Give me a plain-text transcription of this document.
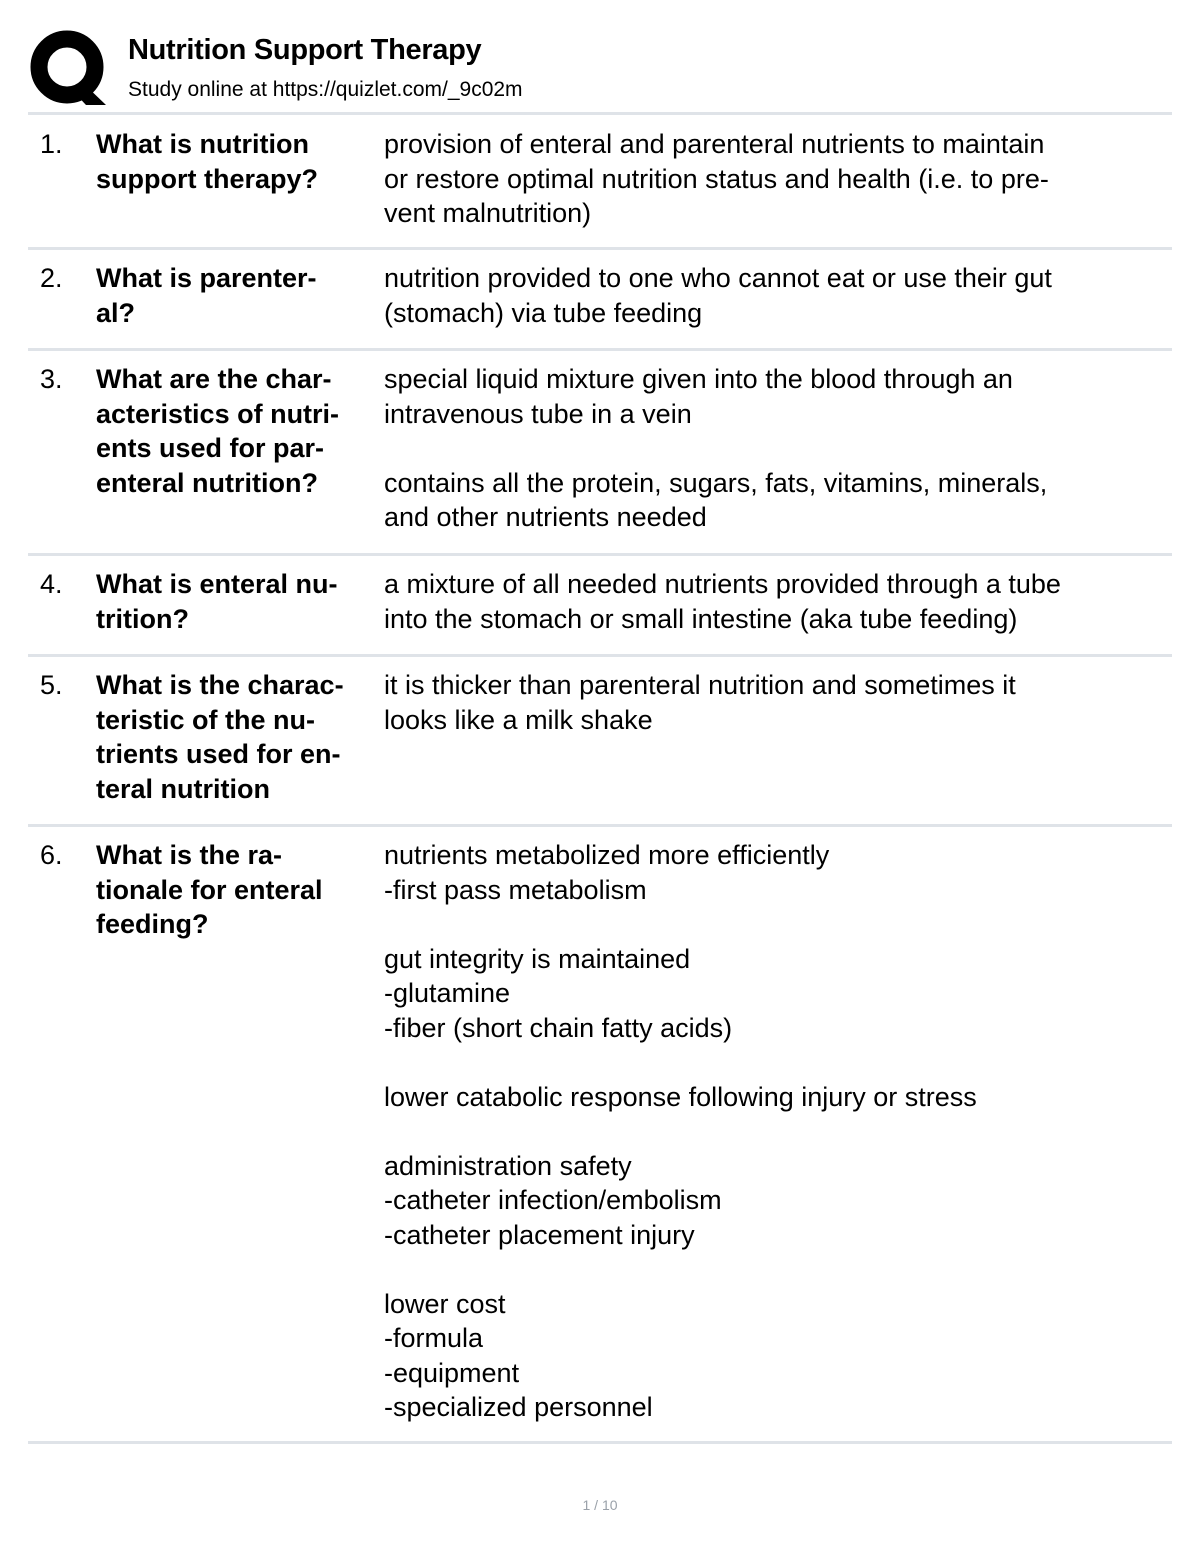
Nutrition Support Therapy
Study online at https://quizlet.com/_9c02m
1. What is nutrition
support therapy?
provision of enteral and parenteral nutrients to maintain
or restore optimal nutrition status and health (i.e. to pre-
vent malnutrition)
2. What is parenter-
al?
nutrition provided to one who cannot eat or use their gut
(stomach) via tube feeding
3. What are the char-
acteristics of nutri-
ents used for par-
enteral nutrition?
special liquid mixture given into the blood through an
intravenous tube in a vein
contains all the protein, sugars, fats, vitamins, minerals,
and other nutrients needed
4. What is enteral nu-
trition?
a mixture of all needed nutrients provided through a tube
into the stomach or small intestine (aka tube feeding)
5. What is the charac-
teristic of the nu-
trients used for en-
teral nutrition
it is thicker than parenteral nutrition and sometimes it
looks like a milk shake
6. What is the ra-
tionale for enteral
feeding?
nutrients metabolized more efficiently
-first pass metabolism
gut integrity is maintained
-glutamine
-fiber (short chain fatty acids)
lower catabolic response following injury or stress
administration safety
-catheter infection/embolism
-catheter placement injury
lower cost
-formula
-equipment
-specialized personnel
1 / 10
